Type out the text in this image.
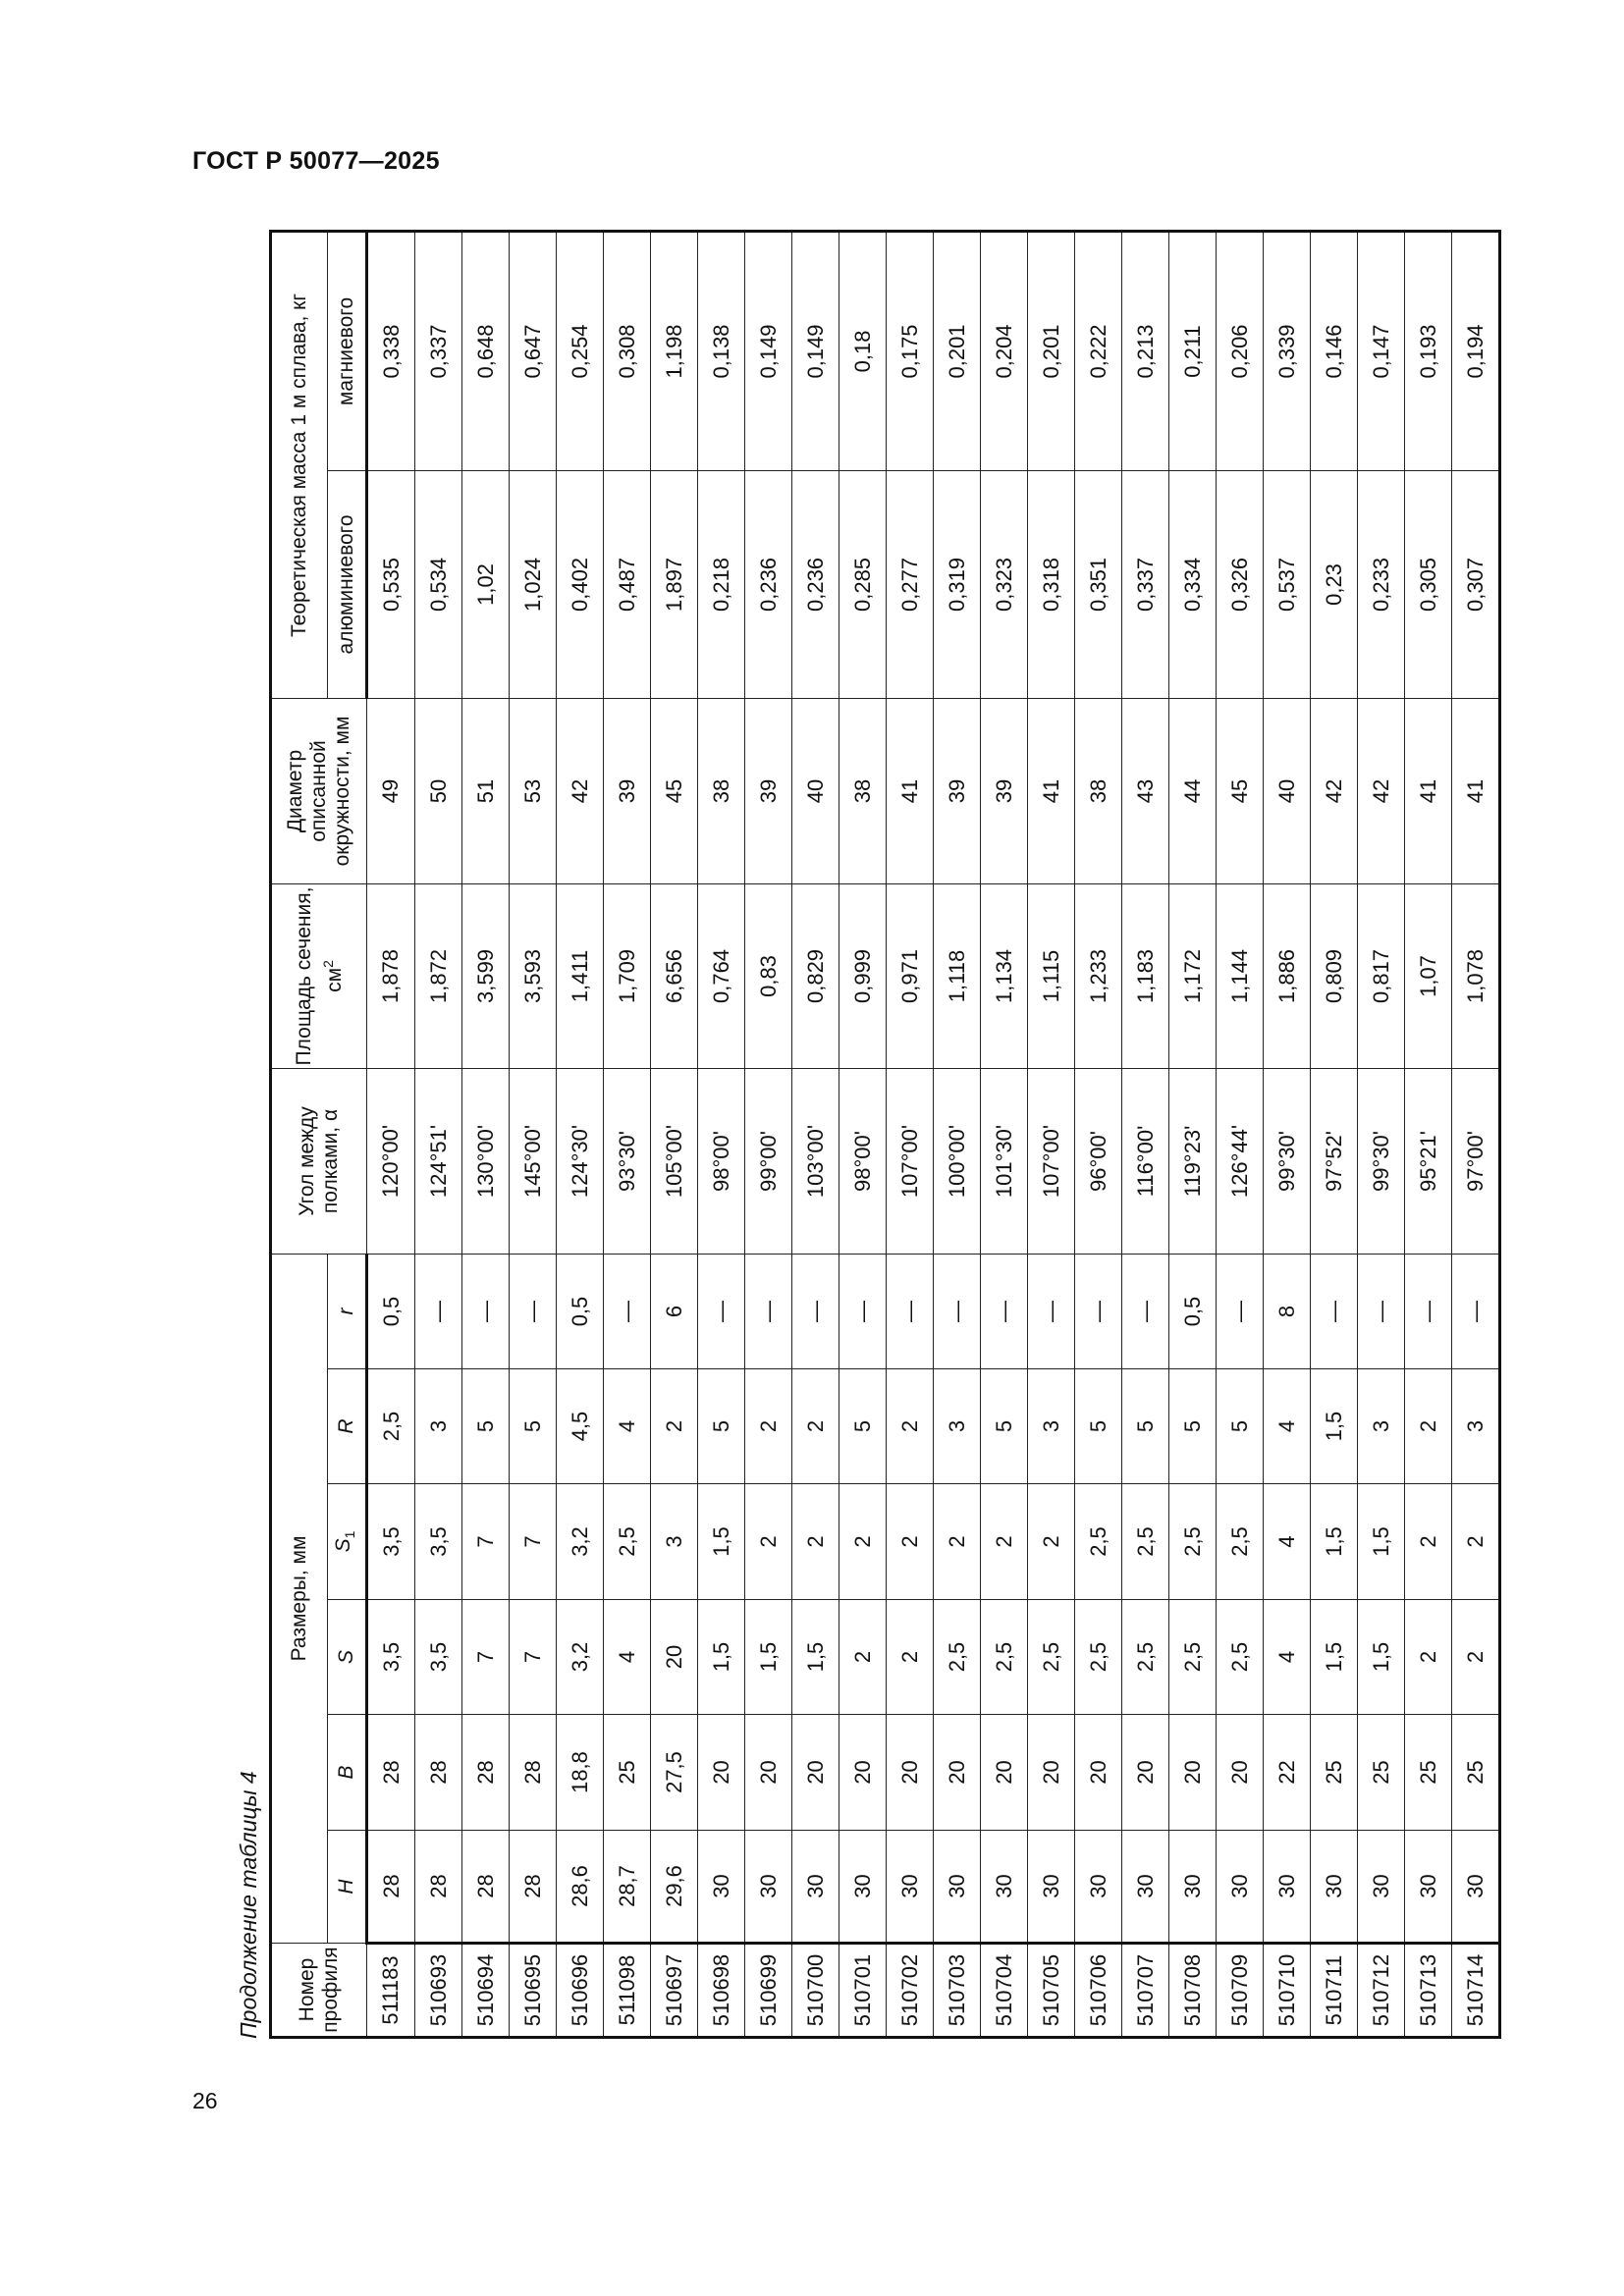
ГОСТ Р 50077—2025
Продолжение таблицы 4 Номер профиля	Размеры, мм						Угол между полками, α	Площадь сечения, $см^2$	Диаметр описанной окружности, мм	Теоретическая масса 1 м сплава, кг	
	H	B	S	$S_1$	R	r				алюминиевого	магниевого
511183	28	28	3,5	3,5	2,5	0,5	120°00'	1,878	49	0,535	0,338
510693	28	28	3,5	3,5	3	—	124°51'	1,872	50	0,534	0,337
510694	28	28	7	7	5	—	130°00'	3,599	51	1,02	0,648
510695	28	28	7	7	5	—	145°00'	3,593	53	1,024	0,647
510696	28,6	18,8	3,2	3,2	4,5	0,5	124°30'	1,411	42	0,402	0,254
511098	28,7	25	4	2,5	4	—	93°30'	1,709	39	0,487	0,308
510697	29,6	27,5	20	3	2	6	105°00'	6,656	45	1,897	1,198
510698	30	20	1,5	1,5	5	—	98°00'	0,764	38	0,218	0,138
510699	30	20	1,5	2	2	—	99°00'	0,83	39	0,236	0,149
510700	30	20	1,5	2	2	—	103°00'	0,829	40	0,236	0,149
510701	30	20	2	2	5	—	98°00'	0,999	38	0,285	0,18
510702	30	20	2	2	2	—	107°00'	0,971	41	0,277	0,175
510703	30	20	2,5	2	3	—	100°00'	1,118	39	0,319	0,201
510704	30	20	2,5	2	5	—	101°30'	1,134	39	0,323	0,204
510705	30	20	2,5	2	3	—	107°00'	1,115	41	0,318	0,201
510706	30	20	2,5	2,5	5	—	96°00'	1,233	38	0,351	0,222
510707	30	20	2,5	2,5	5	—	116°00'	1,183	43	0,337	0,213
510708	30	20	2,5	2,5	5	0,5	119°23'	1,172	44	0,334	0,211
510709	30	20	2,5	2,5	5	—	126°44'	1,144	45	0,326	0,206
510710	30	22	4	4	4	8	99°30'	1,886	40	0,537	0,339
510711	30	25	1,5	1,5	1,5	—	97°52'	0,809	42	0,23	0,146
510712	30	25	1,5	1,5	3	—	99°30'	0,817	42	0,233	0,147
510713	30	25	2	2	2	—	95°21'	1,07	41	0,305	0,193
510714	30	25	2	2	3	—	97°00'	1,078	41	0,307	0,194
26
